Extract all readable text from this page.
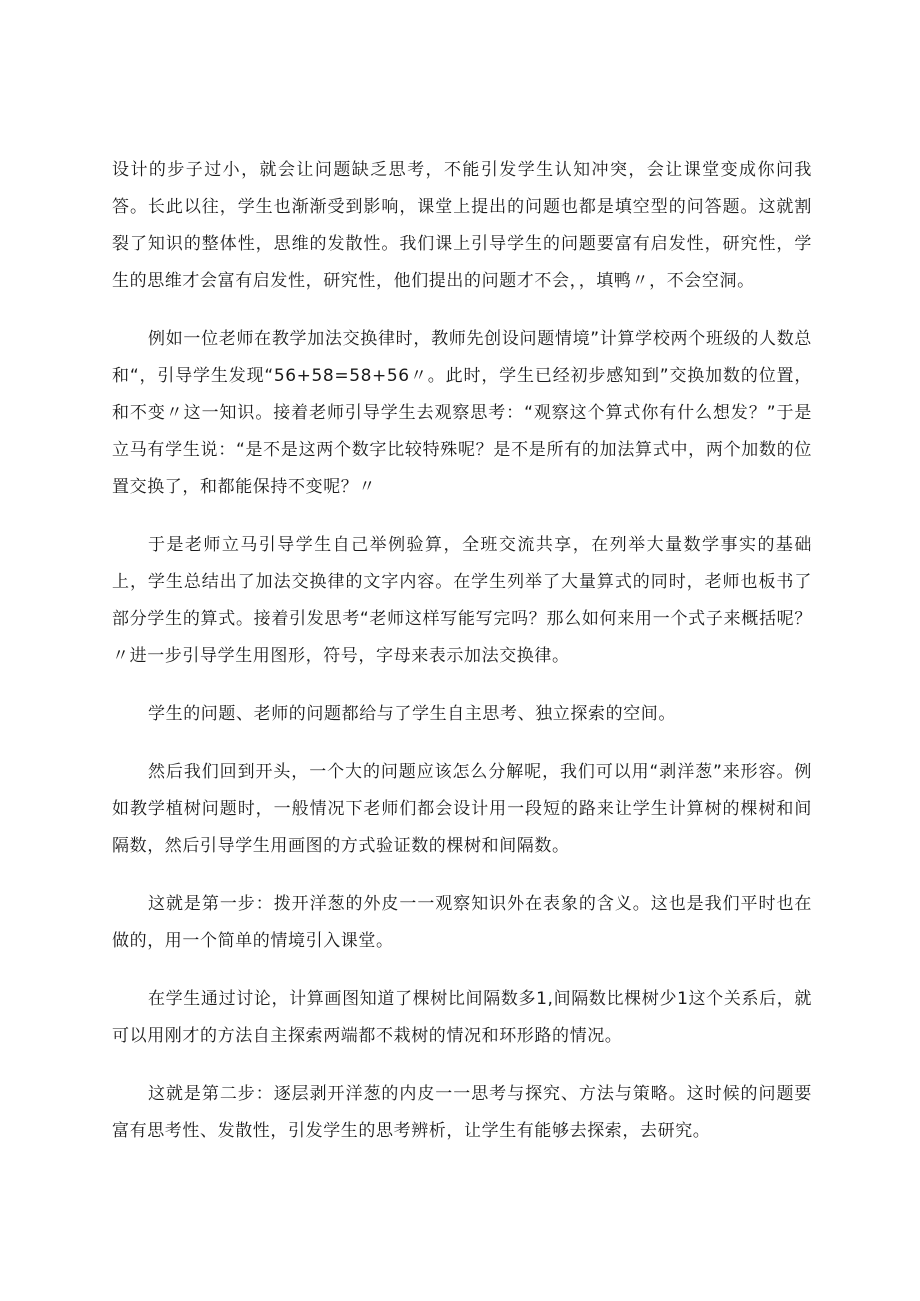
设计的步子过小，就会让问题缺乏思考，不能引发学生认知冲突，会让课堂变成你问我答。长此以往，学生也渐渐受到影响，课堂上提出的问题也都是填空型的问答题。这就割裂了知识的整体性，思维的发散性。我们课上引导学生的问题要富有启发性，研究性，学生的思维才会富有启发性，研究性，他们提出的问题才不会，，填鸭〃，不会空洞。

例如一位老师在教学加法交换律时，教师先创设问题情境”计算学校两个班级的人数总和“，引导学生发现“56+58=58+56〃。此时，学生已经初步感知到”交换加数的位置，和不变〃这一知识。接着老师引导学生去观察思考：“观察这个算式你有什么想发？”于是立马有学生说：“是不是这两个数字比较特殊呢？是不是所有的加法算式中，两个加数的位置交换了，和都能保持不变呢？〃

于是老师立马引导学生自己举例验算，全班交流共享，在列举大量数学事实的基础上，学生总结出了加法交换律的文字内容。在学生列举了大量算式的同时，老师也板书了部分学生的算式。接着引发思考“老师这样写能写完吗？那么如何来用一个式子来概括呢？〃进一步引导学生用图形，符号，字母来表示加法交换律。

学生的问题、老师的问题都给与了学生自主思考、独立探索的空间。

然后我们回到开头，一个大的问题应该怎么分解呢，我们可以用“剥洋葱”来形容。例如教学植树问题时，一般情况下老师们都会设计用一段短的路来让学生计算树的棵树和间隔数，然后引导学生用画图的方式验证数的棵树和间隔数。

这就是第一步：拨开洋葱的外皮一一观察知识外在表象的含义。这也是我们平时也在做的，用一个简单的情境引入课堂。

在学生通过讨论，计算画图知道了棵树比间隔数多1,间隔数比棵树少1这个关系后，就可以用刚才的方法自主探索两端都不栽树的情况和环形路的情况。

这就是第二步：逐层剥开洋葱的内皮一一思考与探究、方法与策略。这时候的问题要富有思考性、发散性，引发学生的思考辨析，让学生有能够去探索，去研究。
